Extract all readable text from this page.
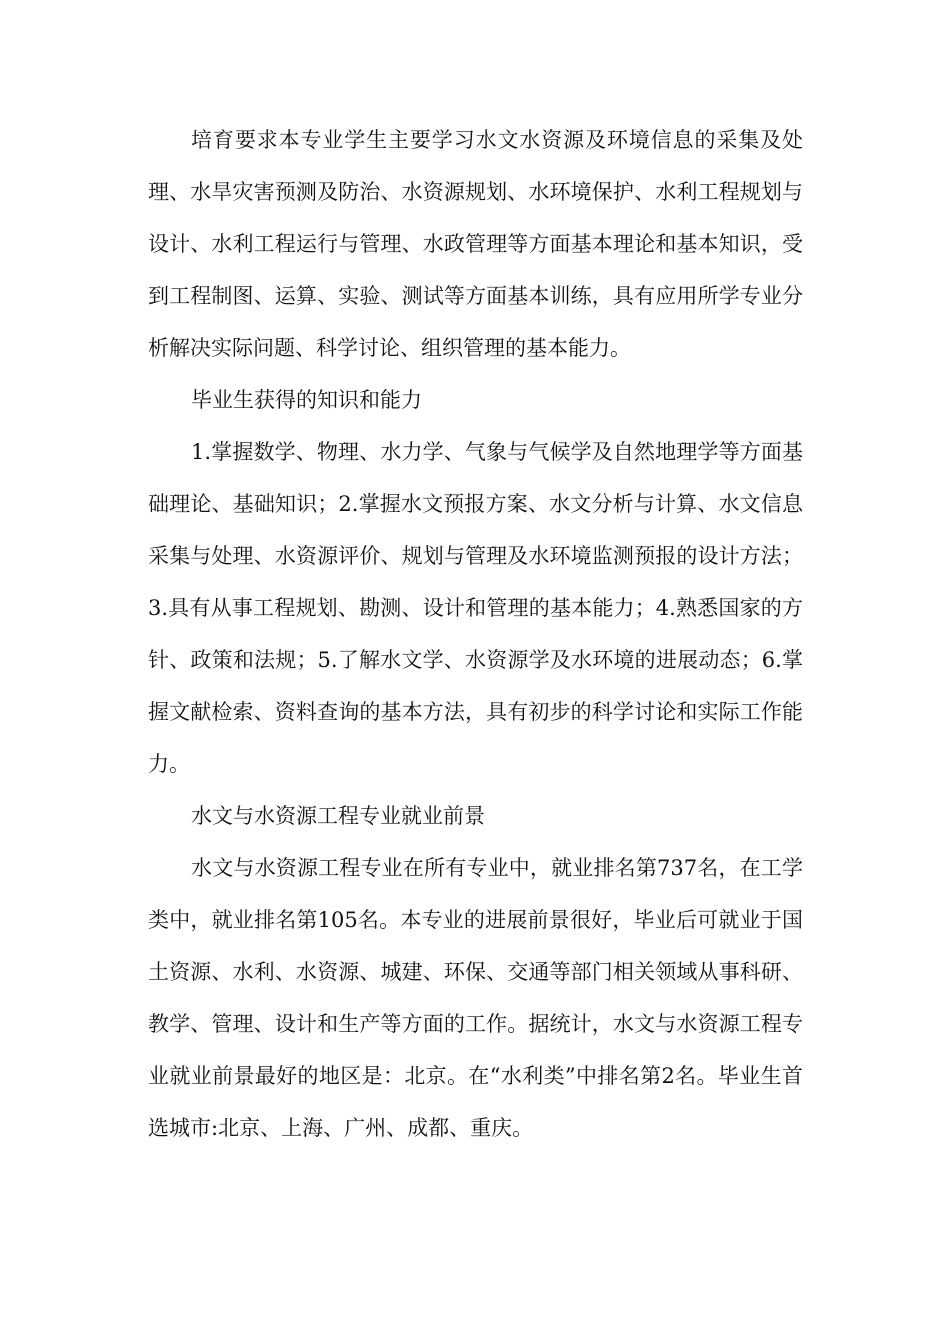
培育要求本专业学生主要学习水文水资源及环境信息的采集及处理、水旱灾害预测及防治、水资源规划、水环境保护、水利工程规划与设计、水利工程运行与管理、水政管理等方面基本理论和基本知识，受到工程制图、运算、实验、测试等方面基本训练，具有应用所学专业分析解决实际问题、科学讨论、组织管理的基本能力。

毕业生获得的知识和能力

1.掌握数学、物理、水力学、气象与气候学及自然地理学等方面基础理论、基础知识；2.掌握水文预报方案、水文分析与计算、水文信息采集与处理、水资源评价、规划与管理及水环境监测预报的设计方法；3.具有从事工程规划、勘测、设计和管理的基本能力；4.熟悉国家的方针、政策和法规；5.了解水文学、水资源学及水环境的进展动态；6.掌握文献检索、资料查询的基本方法，具有初步的科学讨论和实际工作能力。

水文与水资源工程专业就业前景

水文与水资源工程专业在所有专业中，就业排名第737名，在工学类中，就业排名第105名。本专业的进展前景很好，毕业后可就业于国土资源、水利、水资源、城建、环保、交通等部门相关领域从事科研、教学、管理、设计和生产等方面的工作。据统计，水文与水资源工程专业就业前景最好的地区是：北京。在“水利类”中排名第2名。毕业生首选城市:北京、上海、广州、成都、重庆。
